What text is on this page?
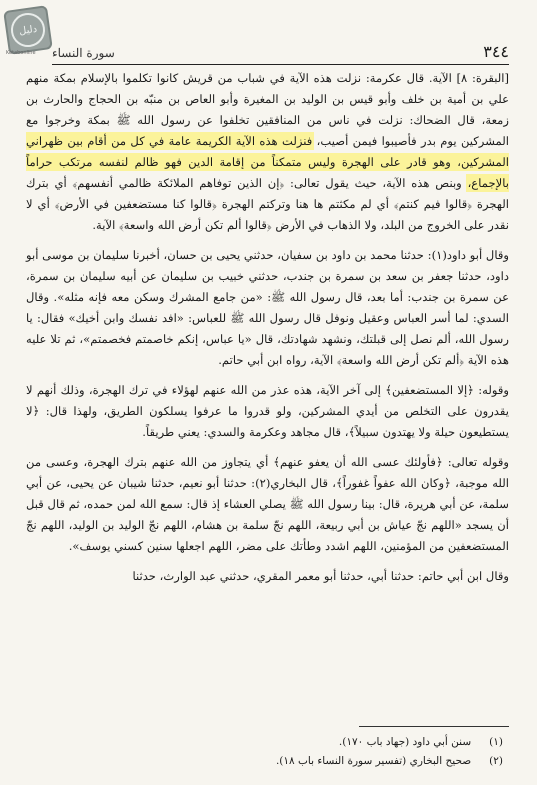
دليل
Ketabonline	٣٤٤
سورة النساء

[البقرة: ٨] الآية. قال عكرمة: نزلت هذه الآية في شباب من قريش كانوا تكلموا بالإسلام بمكة منهم علي بن أمية بن خلف وأبو قيس بن الوليد بن المغيرة وأبو العاص بن منبّه بن الحجاج والحارث بن زمعة، قال الضحاك: نزلت في ناس من المنافقين تخلفوا عن رسول الله ﷺ بمكة وخرجوا مع المشركين يوم بدر فأصيبوا فيمن أصيب، فنزلت هذه الآية الكريمة عامة في كل من أقام بين ظهراني المشركين، وهو قادر على الهجرة وليس متمكناً من إقامة الدين فهو ظالم لنفسه مرتكب حراماً بالإجماع، وبنص هذه الآية، حيث يقول تعالى: ﴿إن الذين توفاهم الملائكة ظالمي أنفسهم﴾ أي بترك الهجرة ﴿قالوا فيم كنتم﴾ أي لم مكثتم ها هنا وتركتم الهجرة ﴿قالوا كنا مستضعفين في الأرض﴾ أي لا نقدر على الخروج من البلد، ولا الذهاب في الأرض ﴿قالوا ألم تكن أرض الله واسعة﴾ الآية.

وقال أبو داود(١): حدثنا محمد بن داود بن سفيان، حدثني يحيى بن حسان، أخبرنا سليمان بن موسى أبو داود، حدثنا جعفر بن سعد بن سمرة بن جندب، حدثني خبيب بن سليمان عن أبيه سليمان بن سمرة، عن سمرة بن جندب: أما بعد، قال رسول الله ﷺ: «من جامع المشرك وسكن معه فإنه مثله». وقال السدي: لما أسر العباس وعقيل ونوفل قال رسول الله ﷺ للعباس: «افد نفسك وابن أخيك» فقال: يا رسول الله، ألم نصل إلى قبلتك، ونشهد شهادتك، قال «يا عباس، إنكم خاصمتم فخصمتم»، ثم تلا عليه هذه الآية ﴿ألم تكن أرض الله واسعة﴾ الآية، رواه ابن أبي حاتم.

وقوله: ﴿إلا المستضعفين﴾ إلى آخر الآية، هذه عذر من الله عنهم لهؤلاء في ترك الهجرة، وذلك أنهم لا يقدرون على التخلص من أيدي المشركين، ولو قدروا ما عرفوا يسلكون الطريق، ولهذا قال: ﴿لا يستطيعون حيلة ولا يهتدون سبيلاً﴾، قال مجاهد وعكرمة والسدي: يعني طريقاً.

وقوله تعالى: ﴿فأولئك عسى الله أن يعفو عنهم﴾ أي يتجاوز من الله عنهم بترك الهجرة، وعسى من الله موجبة، ﴿وكان الله عفواً غفوراً﴾، قال البخاري(٢): حدثنا أبو نعيم، حدثنا شيبان عن يحيى، عن أبي سلمة، عن أبي هريرة، قال: بينا رسول الله ﷺ يصلي العشاء إذ قال: سمع الله لمن حمده، ثم قال قبل أن يسجد «اللهم نجّ عياش بن أبي ربيعة، اللهم نجّ سلمة بن هشام، اللهم نجّ الوليد بن الوليد، اللهم نجّ المستضعفين من المؤمنين، اللهم اشدد وطأتك على مضر، اللهم اجعلها سنين كسني يوسف».

وقال ابن أبي حاتم: حدثنا أبي، حدثنا أبو معمر المقري، حدثني عبد الوارث، حدثنا

(١)
سنن أبي داود (جهاد باب ١٧٠).
(٢)
صحيح البخاري (تفسير سورة النساء باب ١٨).
